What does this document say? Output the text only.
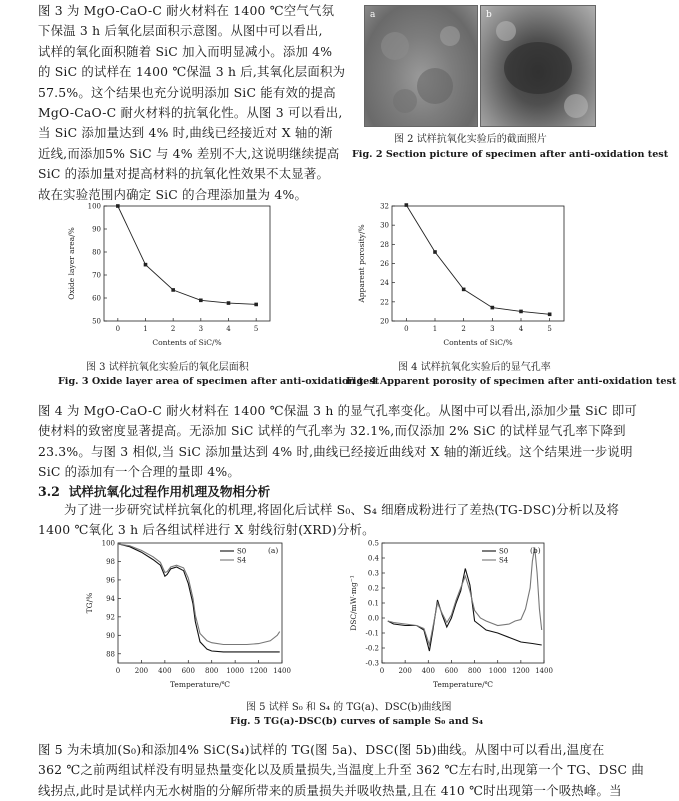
图 3 为 MgO-CaO-C 耐火材料在 1400 ℃空气气氛
下保温 3 h 后氧化层面积示意图。从图中可以看出,
试样的氧化面积随着 SiC 加入而明显减小。添加 4%
的 SiC 的试样在 1400 ℃保温 3 h 后,其氧化层面积为
57.5%。这个结果也充分说明添加 SiC 能有效的提高
MgO-CaO-C 耐火材料的抗氧化性。从图 3 可以看出,
当 SiC 添加量达到 4% 时,曲线已经接近对 X 轴的渐
近线,而添加5% SiC 与 4% 差别不大,这说明继续提高
SiC 的添加量对提高材料的抗氧化性效果不太显著。
故在实验范围内确定 SiC 的合理添加量为 4%。
a	b
图 2 试样抗氧化实验后的截面照片
Fig. 2 Section picture of specimen after anti-oxidation test
0	1	2	3	4	5
50
60
70
80
90
100
Contents of SiC/%
Oxide layer area/%
图 3 试样抗氧化实验后的氧化层面积
Fig. 3 Oxide layer area of specimen after anti-oxidation test
0	1	2	3	4	5
20
22
24
26
28
30
32
Contents of SiC/%
Apparent porosity/%
图 4 试样抗氧化实验后的显气孔率
Fig. 4 Apparent porosity of specimen after anti-oxidation test
图 4 为 MgO-CaO-C 耐火材料在 1400 ℃保温 3 h 的显气孔率变化。从图中可以看出,添加少量 SiC 即可
使材料的致密度显著提高。无添加 SiC 试样的气孔率为 32.1%,而仅添加 2% SiC 的试样显气孔率下降到
23.3%。与图 3 相似,当 SiC 添加量达到 4% 时,曲线已经接近曲线对 X 轴的渐近线。这个结果进一步说明
SiC 的添加有一个合理的量即 4%。
3.2 试样抗氧化过程作用机理及物相分析
为了进一步研究试样抗氧化的机理,将固化后试样 S₀、S₄ 细磨成粉进行了差热(TG-DSC)分析以及将
1400 ℃氧化 3 h 后各组试样进行 X 射线衍射(XRD)分析。
0 200 400 600 800 1000 1200 1400
88
90
92
94
96
98
100
Temperature/℃
TG/%
S0
S4
(a)
0 200 400 600 800 1000 1200 1400
-0.3
-0.2
-0.1
0.0
0.1
0.2
0.3
0.4
0.5
Temperature/℃
DSC/mW·mg⁻¹
S0
S4
(b)
图 5 试样 S₀ 和 S₄ 的 TG(a)、DSC(b)曲线图
Fig. 5 TG(a)-DSC(b) curves of sample S₀ and S₄
图 5 为未填加(S₀)和添加4% SiC(S₄)试样的 TG(图 5a)、DSC(图 5b)曲线。从图中可以看出,温度在
362 ℃之前两组试样没有明显热量变化以及质量损失,当温度上升至 362 ℃左右时,出现第一个 TG、DSC 曲
线拐点,此时是试样内无水树脂的分解所带来的质量损失并吸收热量,且在 410 ℃时出现第一个吸热峰。当
